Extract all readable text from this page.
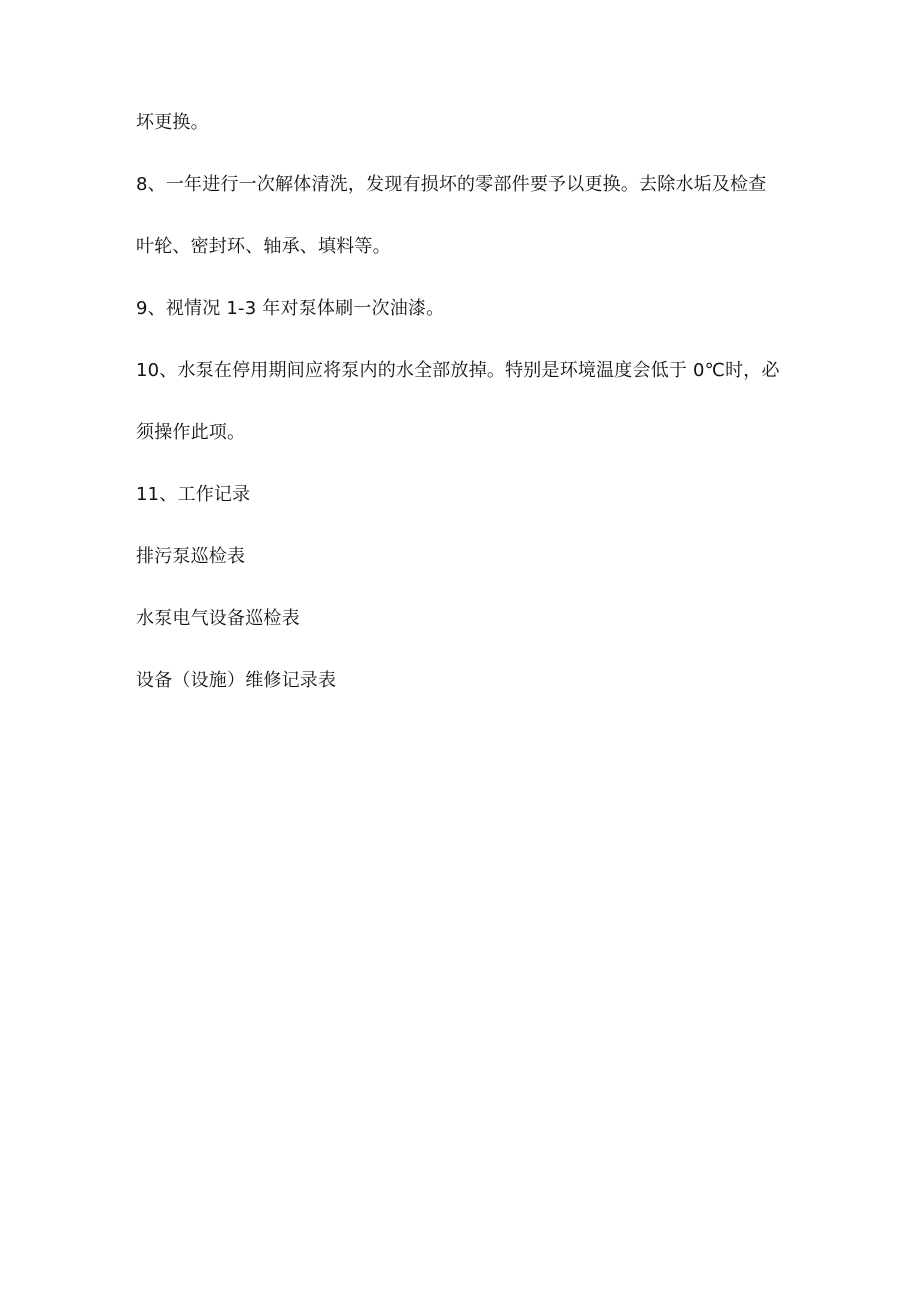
坏更换。

8、一年进行一次解体清洗，发现有损坏的零部件要予以更换。去除水垢及检查
叶轮、密封环、轴承、填料等。

9、视情况 1-3 年对泵体刷一次油漆。

10、水泵在停用期间应将泵内的水全部放掉。特别是环境温度会低于 0℃时，必
须操作此项。

11、工作记录

排污泵巡检表

水泵电气设备巡检表

设备（设施）维修记录表
